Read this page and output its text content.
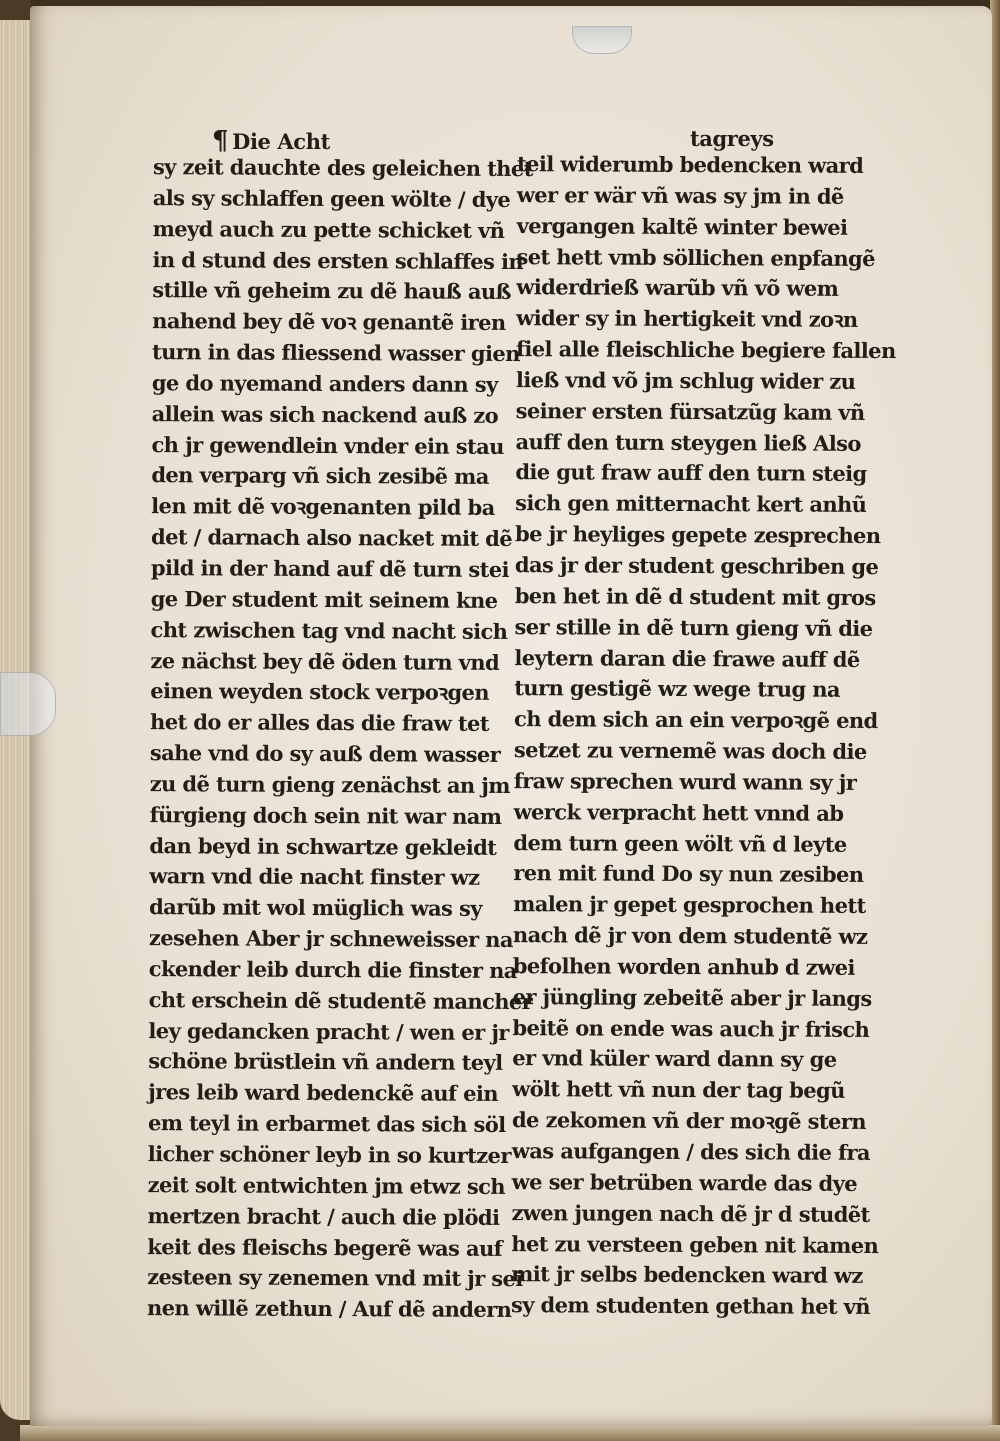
¶ Die Acht	tagreys
sy zeit dauchte des geleichen thet
als sy schlaffen geen wölte / dye
meyd auch zu pette schicket vñ
in d stund des ersten schlaffes in
stille vñ geheim zu dẽ hauß auß
nahend bey dẽ voꝛ genantẽ iren
turn in das fliessend wasser gien
ge do nyemand anders dann sy
allein was sich nackend auß zo
ch jr gewendlein vnder ein stau
den verparg vñ sich zesibẽ ma
len mit dẽ voꝛgenanten pild ba
det / darnach also nacket mit dẽ
pild in der hand auf dẽ turn stei
ge Der student mit seinem kne
cht zwischen tag vnd nacht sich
ze nächst bey dẽ öden turn vnd
einen weyden stock verpoꝛgen
het do er alles das die fraw tet
sahe vnd do sy auß dem wasser
zu dẽ turn gieng zenächst an jm
fürgieng doch sein nit war nam
dan beyd in schwartze gekleidt
warn vnd die nacht finster wz
darũb mit wol müglich was sy
zesehen Aber jr schneweisser na
ckender leib durch die finster na
cht erschein dẽ studentẽ mancher
ley gedancken pracht / wen er jr
schöne brüstlein vñ andern teyl
jres leib ward bedenckẽ auf ein
em teyl in erbarmet das sich söl
licher schöner leyb in so kurtzer
zeit solt entwichten jm etwz sch
mertzen bracht / auch die plödi
keit des fleischs begerẽ was auf
zesteen sy zenemen vnd mit jr sei
nen willẽ zethun / Auf dẽ andern
teil widerumb bedencken ward
wer er wär vñ was sy jm in dẽ
vergangen kaltẽ winter bewei
set hett vmb söllichen enpfangẽ
widerdrieß warũb vñ võ wem
wider sy in hertigkeit vnd zoꝛn
fiel alle fleischliche begiere fallen
ließ vnd võ jm schlug wider zu
seiner ersten fürsatzũg kam vñ
auff den turn steygen ließ Also
die gut fraw auff den turn steig
sich gen mitternacht kert anhũ
be jr heyliges gepete zesprechen
das jr der student geschriben ge
ben het in dẽ d student mit gros
ser stille in dẽ turn gieng vñ die
leytern daran die frawe auff dẽ
turn gestigẽ wz wege trug na
ch dem sich an ein verpoꝛgẽ end
setzet zu vernemẽ was doch die
fraw sprechen wurd wann sy jr
werck verpracht hett vnnd ab
dem turn geen wölt vñ d leyte
ren mit fund Do sy nun zesiben
malen jr gepet gesprochen hett
nach dẽ jr von dem studentẽ wz
befolhen worden anhub d zwei
er jüngling zebeitẽ aber jr langs
beitẽ on ende was auch jr frisch
er vnd küler ward dann sy ge
wölt hett vñ nun der tag begũ
de zekomen vñ der moꝛgẽ stern
was aufgangen / des sich die fra
we ser betrüben warde das dye
zwen jungen nach dẽ jr d studẽt
het zu versteen geben nit kamen
mit jr selbs bedencken ward wz
sy dem studenten gethan het vñ
